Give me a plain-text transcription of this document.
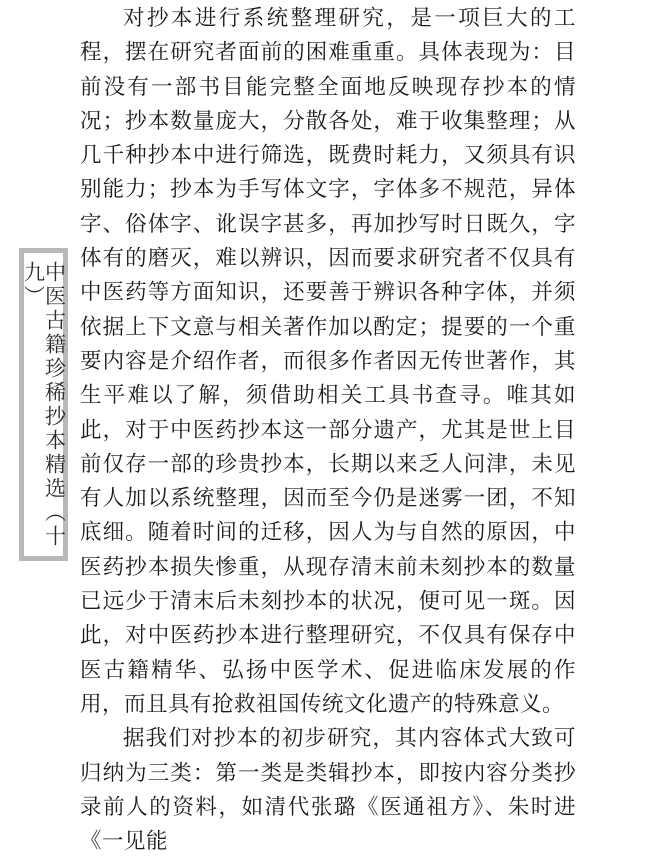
中医古籍珍稀抄本精选（十九）

对抄本进行系统整理研究，是一项巨大的工程，摆在研究者面前的困难重重。具体表现为：目前没有一部书目能完整全面地反映现存抄本的情况；抄本数量庞大，分散各处，难于收集整理；从几千种抄本中进行筛选，既费时耗力，又须具有识别能力；抄本为手写体文字，字体多不规范，异体字、俗体字、讹误字甚多，再加抄写时日既久，字体有的磨灭，难以辨识，因而要求研究者不仅具有中医药等方面知识，还要善于辨识各种字体，并须依据上下文意与相关著作加以酌定；提要的一个重要内容是介绍作者，而很多作者因无传世著作，其生平难以了解，须借助相关工具书查寻。唯其如此，对于中医药抄本这一部分遗产，尤其是世上目前仅存一部的珍贵抄本，长期以来乏人问津，未见有人加以系统整理，因而至今仍是迷雾一团，不知底细。随着时间的迁移，因人为与自然的原因，中医药抄本损失惨重，从现存清末前未刻抄本的数量已远少于清末后未刻抄本的状况，便可见一斑。因此，对中医药抄本进行整理研究，不仅具有保存中医古籍精华、弘扬中医学术、促进临床发展的作用，而且具有抢救祖国传统文化遗产的特殊意义。

据我们对抄本的初步研究，其内容体式大致可归纳为三类：第一类是类辑抄本，即按内容分类抄录前人的资料，如清代张璐《医通祖方》、朱时进《一见能
